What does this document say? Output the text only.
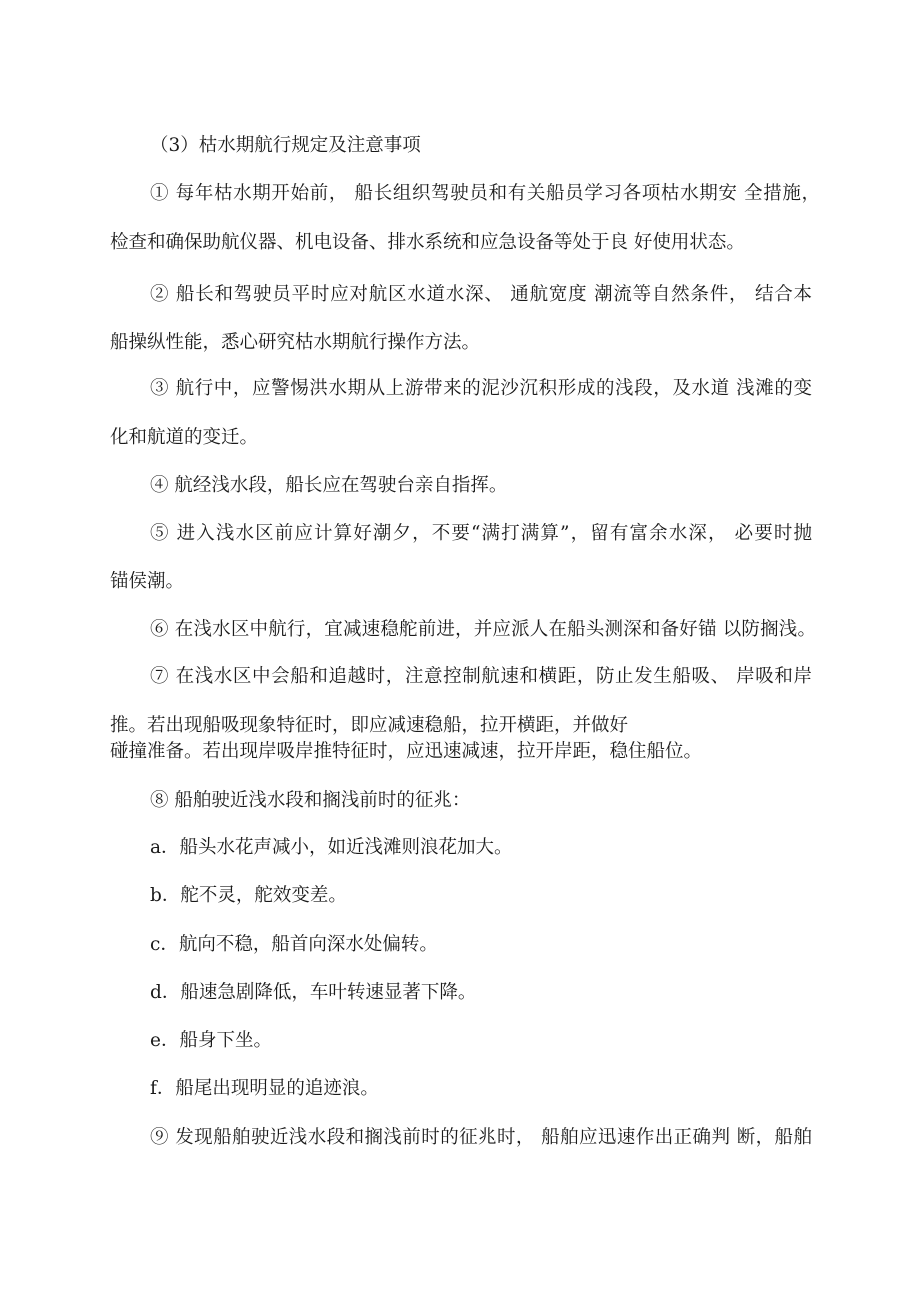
（3）枯水期航行规定及注意事项
① 每年枯水期开始前， 船长组织驾驶员和有关船员学习各项枯水期安 全措施，
检查和确保助航仪器、机电设备、排水系统和应急设备等处于良 好使用状态。
② 船长和驾驶员平时应对航区水道水深、 通航宽度 潮流等自然条件， 结合本
船操纵性能，悉心研究枯水期航行操作方法。
③ 航行中，应警惕洪水期从上游带来的泥沙沉积形成的浅段，及水道 浅滩的变
化和航道的变迁。
④ 航经浅水段，船长应在驾驶台亲自指挥。
⑤ 进入浅水区前应计算好潮夕，不要“满打满算”，留有富余水深， 必要时抛
锚侯潮。
⑥ 在浅水区中航行，宜减速稳舵前进，并应派人在船头测深和备好锚 以防搁浅。
⑦ 在浅水区中会船和追越时，注意控制航速和横距，防止发生船吸、 岸吸和岸
推。若出现船吸现象特征时，即应减速稳船，拉开横距，并做好
碰撞准备。若出现岸吸岸推特征时，应迅速减速，拉开岸距，稳住船位。
⑧ 船舶驶近浅水段和搁浅前时的征兆：
a．船头水花声减小，如近浅滩则浪花加大。
b．舵不灵，舵效变差。
c．航向不稳，船首向深水处偏转。
d．船速急剧降低，车叶转速显著下降。
e．船身下坐。
f．船尾出现明显的追迹浪。
⑨ 发现船舶驶近浅水段和搁浅前时的征兆时， 船舶应迅速作出正确判 断，船舶
